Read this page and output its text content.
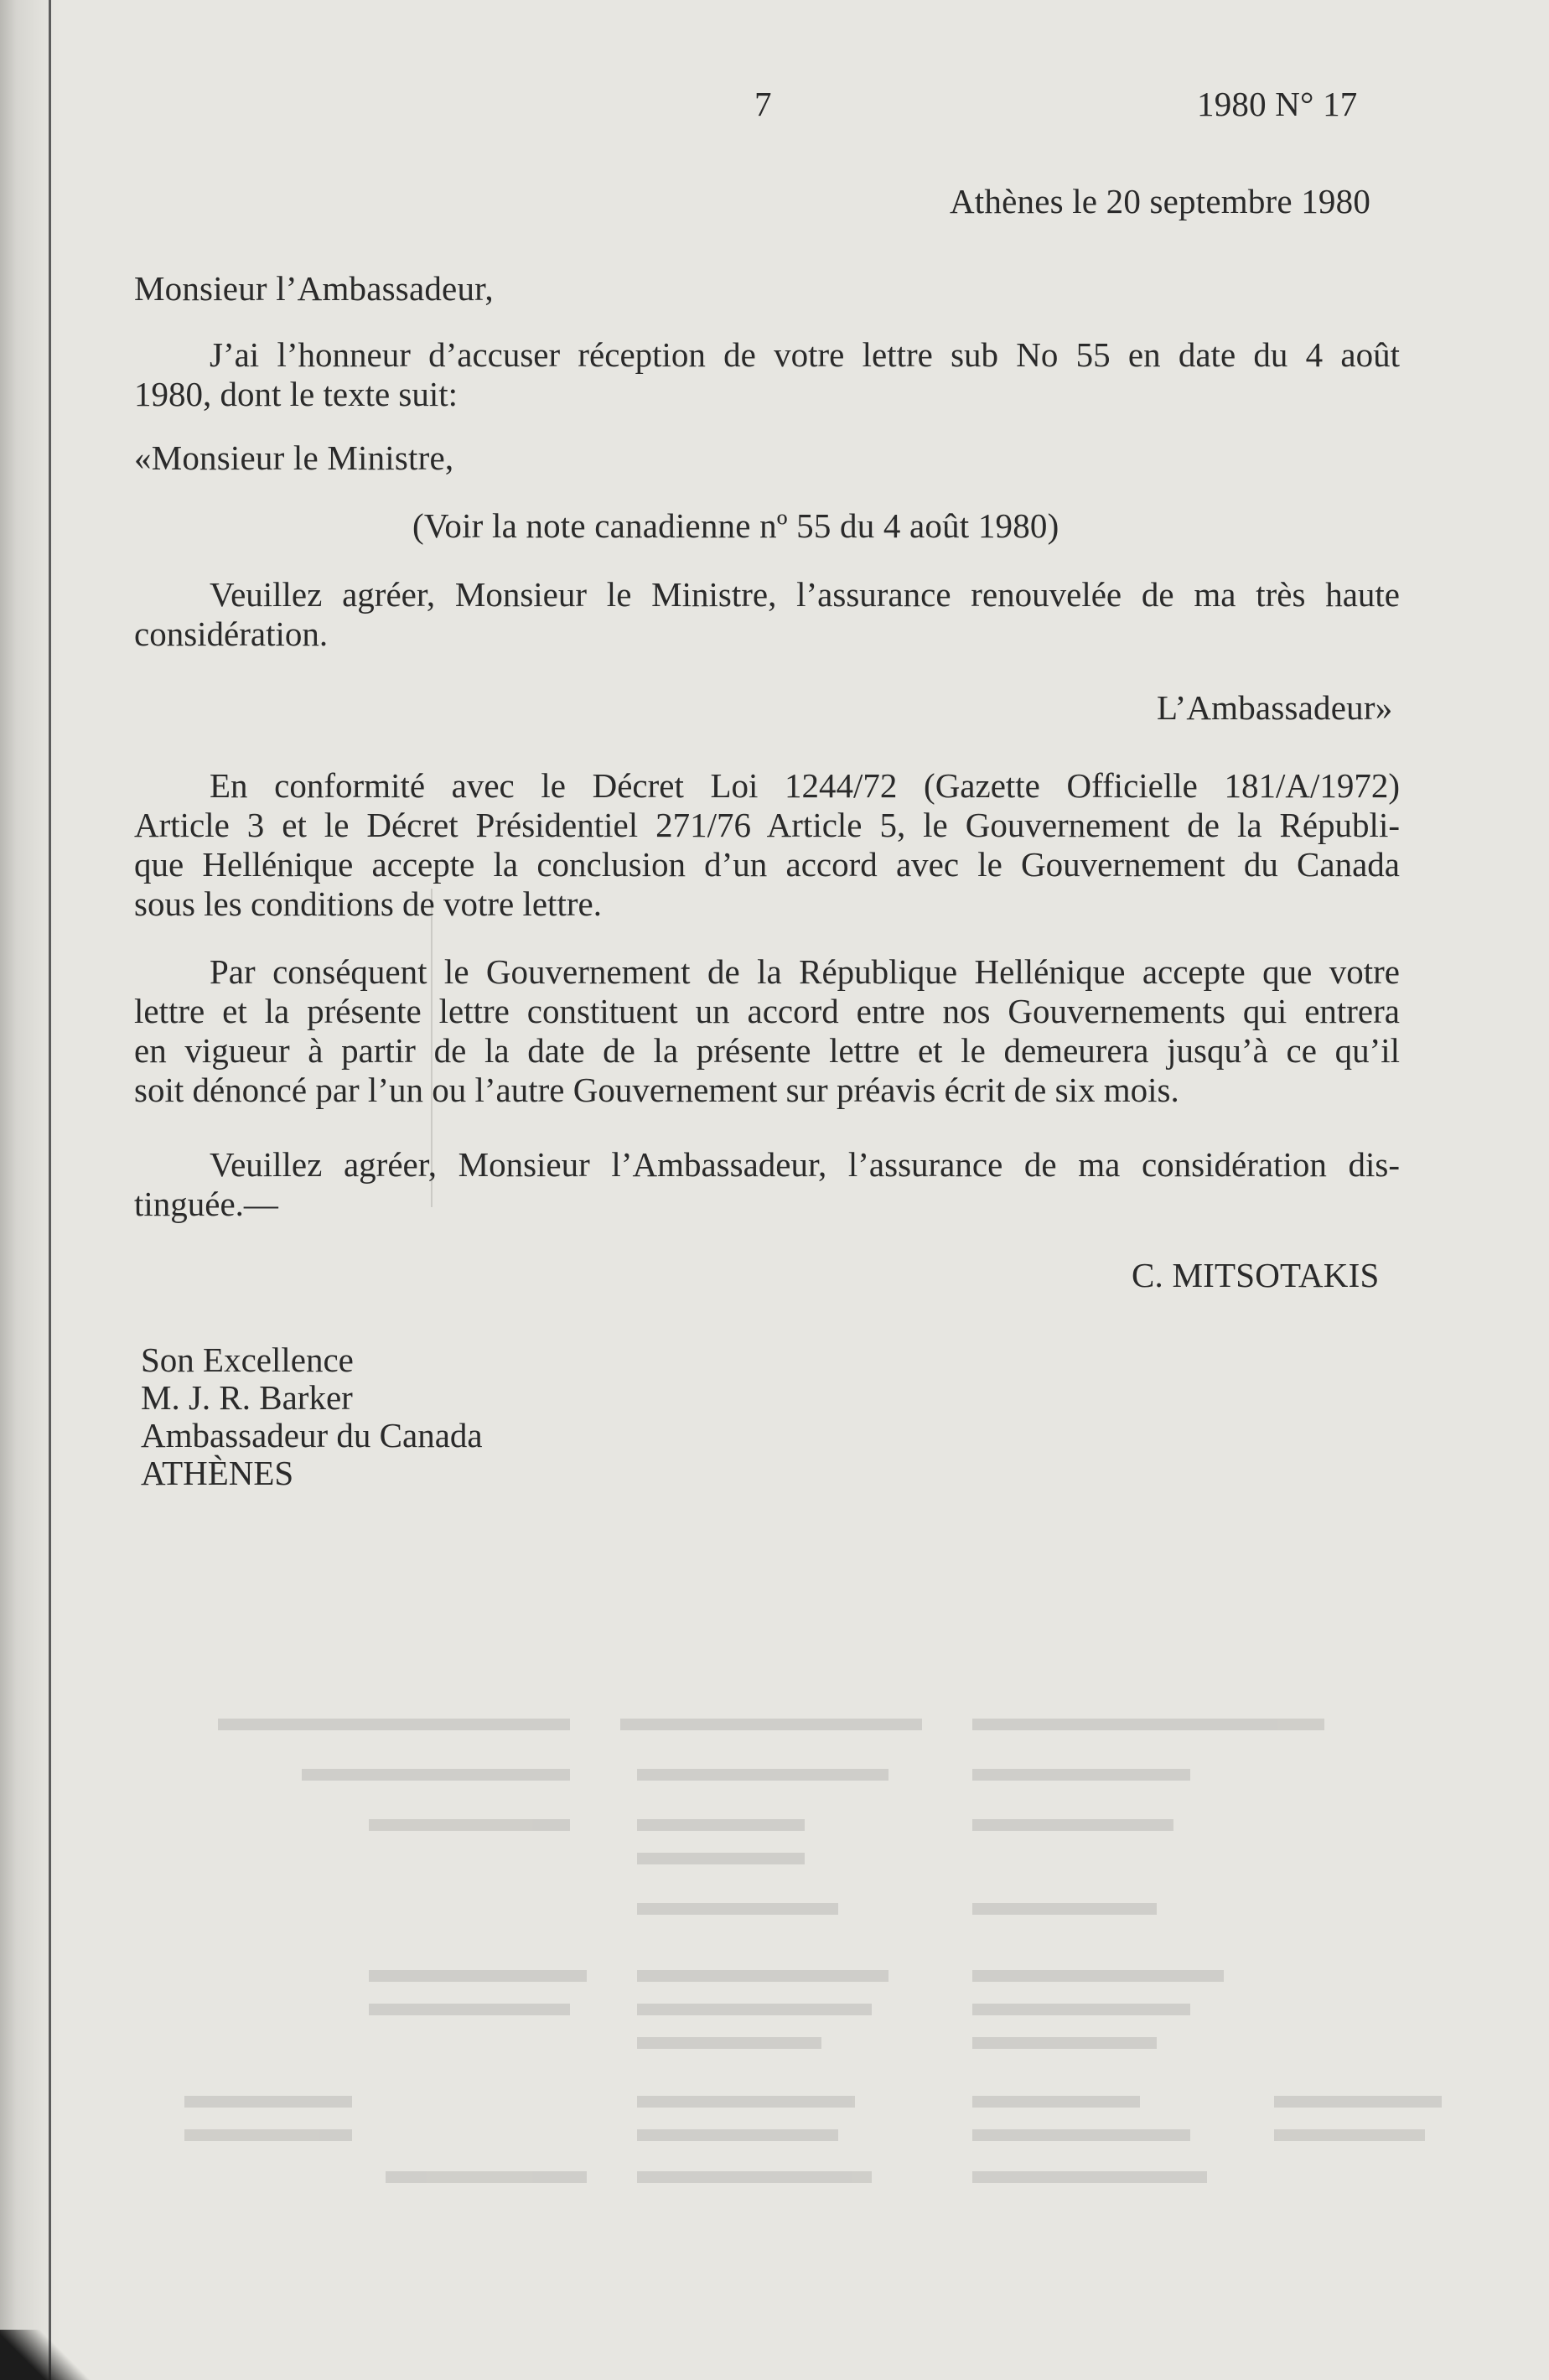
7	1980 N° 17

Athènes le 20 septembre 1980

Monsieur l’Ambassadeur,

J’ai l’honneur d’accuser réception de votre lettre sub No 55 en date du 4 août
1980, dont le texte suit:

«Monsieur le Ministre,

(Voir la note canadienne nº 55 du 4 août 1980)

Veuillez agréer, Monsieur le Ministre, l’assurance renouvelée de ma très haute
considération.

L’Ambassadeur»

En conformité avec le Décret Loi 1244/72 (Gazette Officielle 181/A/1972)
Article 3 et le Décret Présidentiel 271/76 Article 5, le Gouvernement de la Républi-
que Hellénique accepte la conclusion d’un accord avec le Gouvernement du Canada
sous les conditions de votre lettre.
Par conséquent le Gouvernement de la République Hellénique accepte que votre
lettre et la présente lettre constituent un accord entre nos Gouvernements qui entrera
en vigueur à partir de la date de la présente lettre et le demeurera jusqu’à ce qu’il
soit dénoncé par l’un ou l’autre Gouvernement sur préavis écrit de six mois.
Veuillez agréer, Monsieur l’Ambassadeur, l’assurance de ma considération dis-
tinguée.—

C. MITSOTAKIS

Son Excellence
M. J. R. Barker
Ambassadeur du Canada
ATHÈNES
